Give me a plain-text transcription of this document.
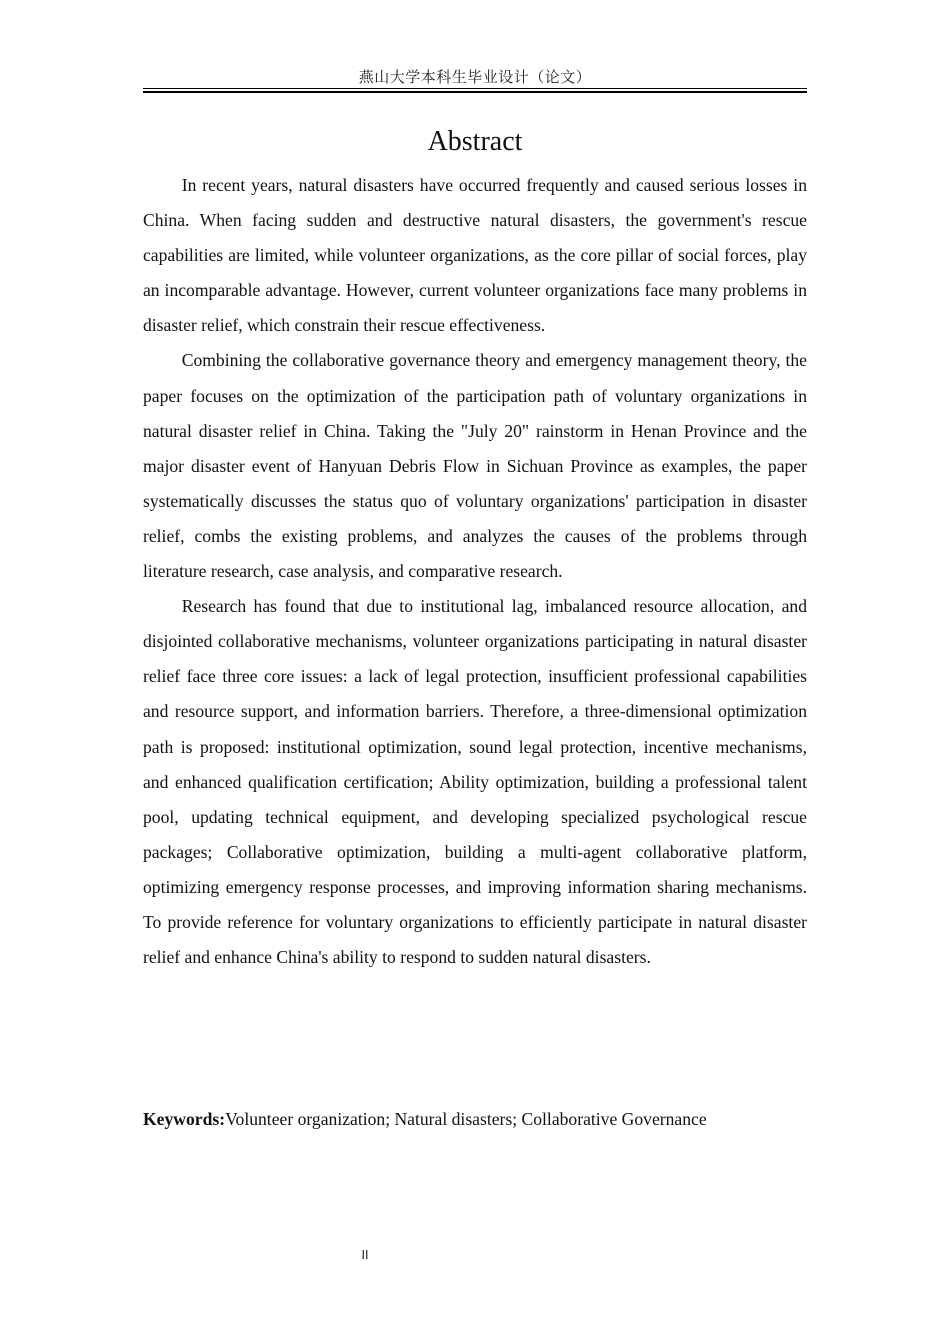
燕山大学本科生毕业设计（论文）
Abstract

In recent years, natural disasters have occurred frequently and caused serious losses in China. When facing sudden and destructive natural disasters, the government's rescue capabilities are limited, while volunteer organizations, as the core pillar of social forces, play an incomparable advantage. However, current volunteer organizations face many problems in disaster relief, which constrain their rescue effectiveness.

Combining the collaborative governance theory and emergency management theory, the paper focuses on the optimization of the participation path of voluntary organizations in natural disaster relief in China. Taking the "July 20" rainstorm in Henan Province and the major disaster event of Hanyuan Debris Flow in Sichuan Province as examples, the paper systematically discusses the status quo of voluntary organizations' participation in disaster relief, combs the existing problems, and analyzes the causes of the problems through literature research, case analysis, and comparative research.

Research has found that due to institutional lag, imbalanced resource allocation, and disjointed collaborative mechanisms, volunteer organizations participating in natural disaster relief face three core issues: a lack of legal protection, insufficient professional capabilities and resource support, and information barriers. Therefore, a three-dimensional optimization path is proposed: institutional optimization, sound legal protection, incentive mechanisms, and enhanced qualification certification; Ability optimization, building a professional talent pool, updating technical equipment, and developing specialized psychological rescue packages; Collaborative optimization, building a multi-agent collaborative platform, optimizing emergency response processes, and improving information sharing mechanisms. To provide reference for voluntary organizations to efficiently participate in natural disaster relief and enhance China's ability to respond to sudden natural disasters.

Keywords:Volunteer organization; Natural disasters; Collaborative Governance

II
